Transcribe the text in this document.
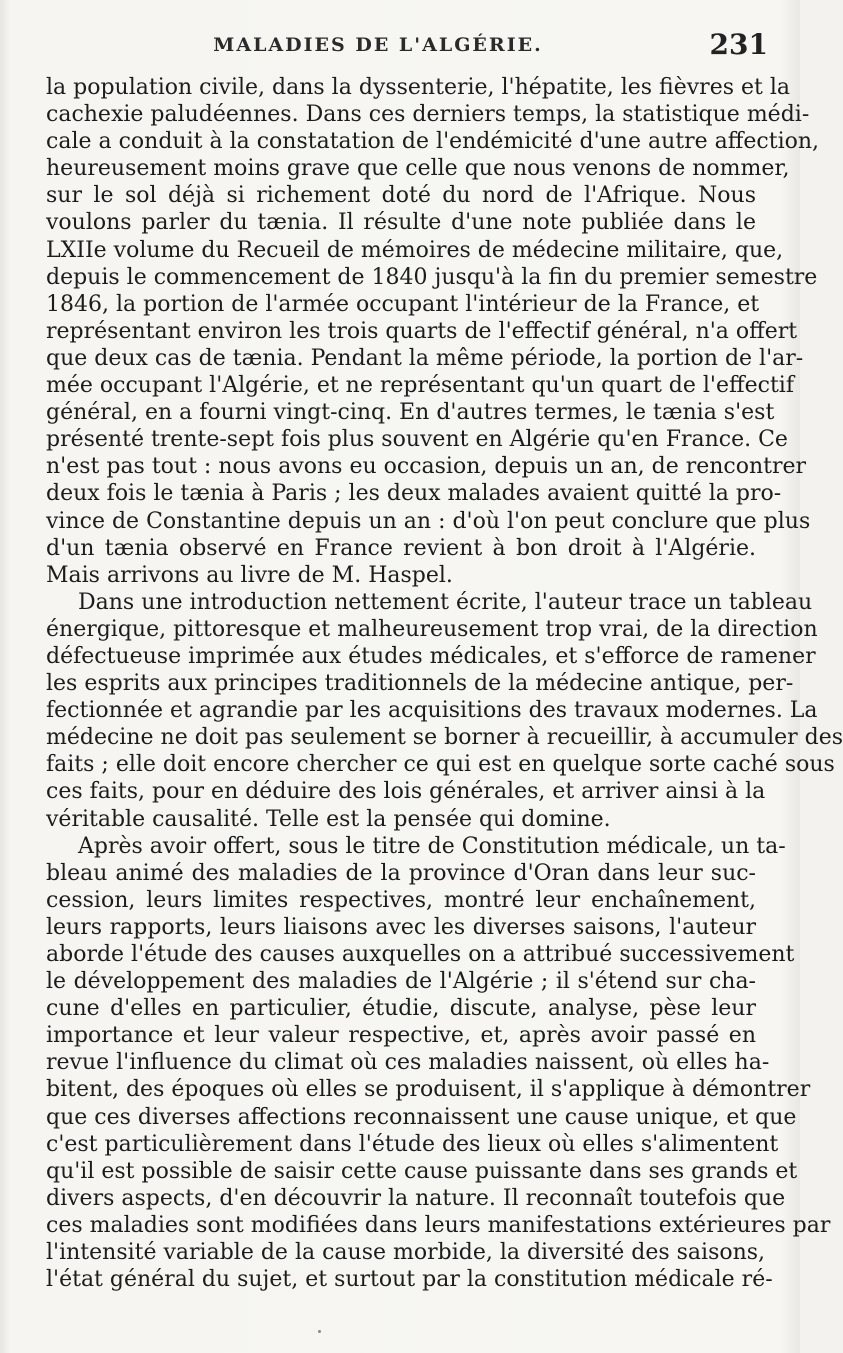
MALADIES DE L'ALGÉRIE.	231
la population civile, dans la dyssenterie, l'hépatite, les fièvres et la
cachexie paludéennes. Dans ces derniers temps, la statistique médi-
cale a conduit à la constatation de l'endémicité d'une autre affection,
heureusement moins grave que celle que nous venons de nommer,
sur le sol déjà si richement doté du nord de l'Afrique. Nous
voulons parler du tænia. Il résulte d'une note publiée dans le
LXIIe volume du Recueil de mémoires de médecine militaire, que,
depuis le commencement de 1840 jusqu'à la fin du premier semestre
1846, la portion de l'armée occupant l'intérieur de la France, et
représentant environ les trois quarts de l'effectif général, n'a offert
que deux cas de tænia. Pendant la même période, la portion de l'ar-
mée occupant l'Algérie, et ne représentant qu'un quart de l'effectif
général, en a fourni vingt-cinq. En d'autres termes, le tænia s'est
présenté trente-sept fois plus souvent en Algérie qu'en France. Ce
n'est pas tout : nous avons eu occasion, depuis un an, de rencontrer
deux fois le tænia à Paris ; les deux malades avaient quitté la pro-
vince de Constantine depuis un an : d'où l'on peut conclure que plus
d'un tænia observé en France revient à bon droit à l'Algérie.
Mais arrivons au livre de M. Haspel.
Dans une introduction nettement écrite, l'auteur trace un tableau
énergique, pittoresque et malheureusement trop vrai, de la direction
défectueuse imprimée aux études médicales, et s'efforce de ramener
les esprits aux principes traditionnels de la médecine antique, per-
fectionnée et agrandie par les acquisitions des travaux modernes. La
médecine ne doit pas seulement se borner à recueillir, à accumuler des
faits ; elle doit encore chercher ce qui est en quelque sorte caché sous
ces faits, pour en déduire des lois générales, et arriver ainsi à la
véritable causalité. Telle est la pensée qui domine.
Après avoir offert, sous le titre de Constitution médicale, un ta-
bleau animé des maladies de la province d'Oran dans leur suc-
cession, leurs limites respectives, montré leur enchaînement,
leurs rapports, leurs liaisons avec les diverses saisons, l'auteur
aborde l'étude des causes auxquelles on a attribué successivement
le développement des maladies de l'Algérie ; il s'étend sur cha-
cune d'elles en particulier, étudie, discute, analyse, pèse leur
importance et leur valeur respective, et, après avoir passé en
revue l'influence du climat où ces maladies naissent, où elles ha-
bitent, des époques où elles se produisent, il s'applique à démontrer
que ces diverses affections reconnaissent une cause unique, et que
c'est particulièrement dans l'étude des lieux où elles s'alimentent
qu'il est possible de saisir cette cause puissante dans ses grands et
divers aspects, d'en découvrir la nature. Il reconnaît toutefois que
ces maladies sont modifiées dans leurs manifestations extérieures par
l'intensité variable de la cause morbide, la diversité des saisons,
l'état général du sujet, et surtout par la constitution médicale ré-
